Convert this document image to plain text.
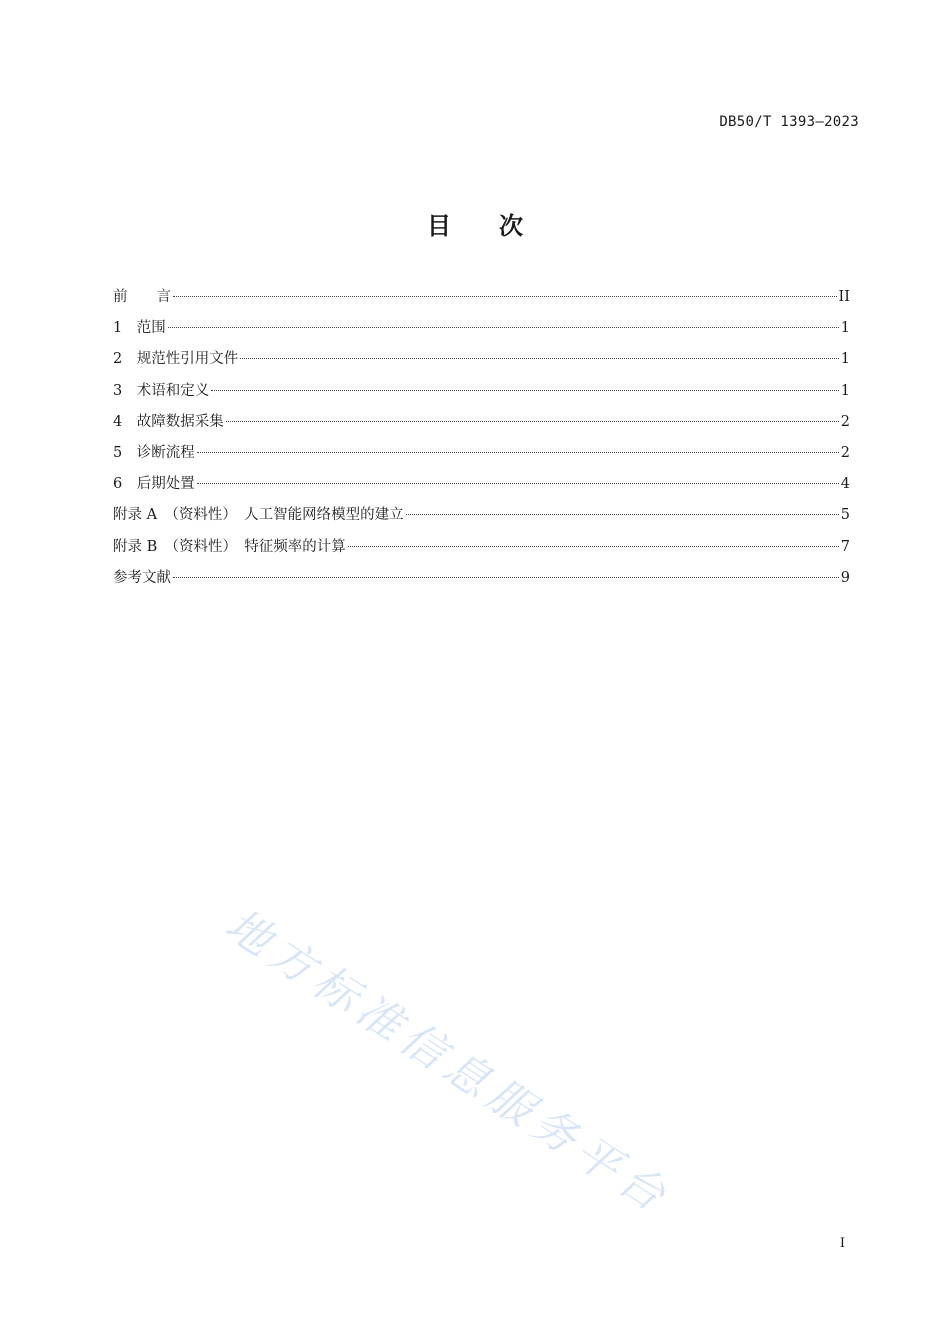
DB50/T 1393—2023
目 次
前　　言	II
1　范围	1
2　规范性引用文件	1
3　术语和定义	1
4　故障数据采集	2
5　诊断流程	2
6　后期处置	4
附录 A　（资料性）　人工智能网络模型的建立	5
附录 B　（资料性）　特征频率的计算	7
参考文献	9
地方标准信息服务平台
I
